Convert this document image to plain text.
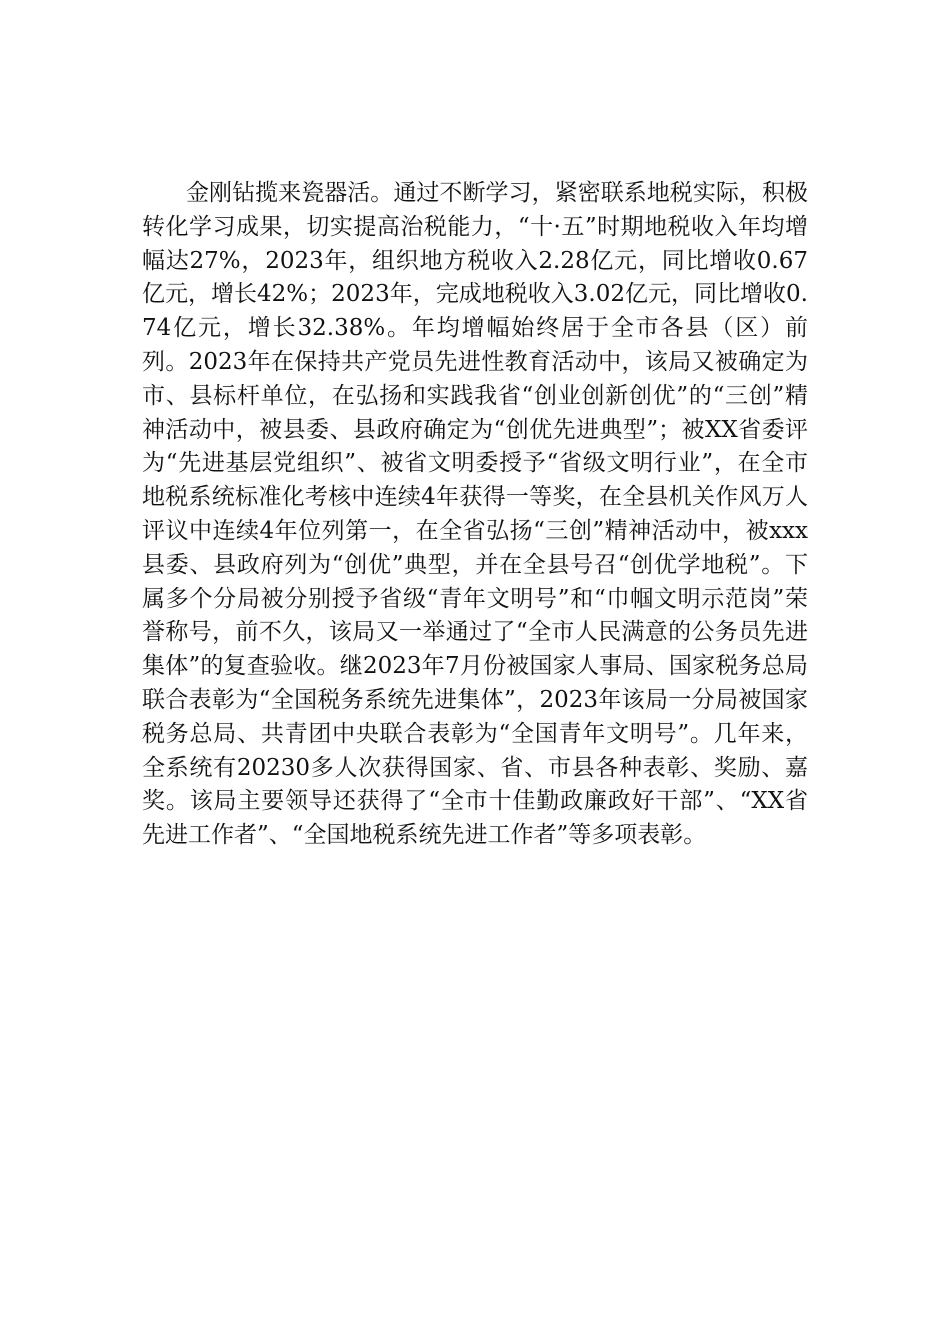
金刚钻揽来瓷器活。通过不断学习，紧密联系地税实际，积极转化学习成果，切实提高治税能力，“十·五”时期地税收入年均增幅达27%，2023年，组织地方税收入2.28亿元，同比增收0.67亿元，增长42%；2023年，完成地税收入3.02亿元，同比增收0.74亿元，增长32.38%。年均增幅始终居于全市各县（区）前列。2023年在保持共产党员先进性教育活动中，该局又被确定为市、县标杆单位，在弘扬和实践我省“创业创新创优”的“三创”精神活动中，被县委、县政府确定为“创优先进典型”；被XX省委评为“先进基层党组织”、被省文明委授予“省级文明行业”，在全市地税系统标准化考核中连续4年获得一等奖，在全县机关作风万人评议中连续4年位列第一，在全省弘扬“三创”精神活动中，被xxx县委、县政府列为“创优”典型，并在全县号召“创优学地税”。下属多个分局被分别授予省级“青年文明号”和“巾帼文明示范岗”荣誉称号，前不久，该局又一举通过了“全市人民满意的公务员先进集体”的复查验收。继2023年7月份被国家人事局、国家税务总局联合表彰为“全国税务系统先进集体”，2023年该局一分局被国家税务总局、共青团中央联合表彰为“全国青年文明号”。几年来，全系统有20230多人次获得国家、省、市县各种表彰、奖励、嘉奖。该局主要领导还获得了“全市十佳勤政廉政好干部”、“XX省先进工作者”、“全国地税系统先进工作者”等多项表彰。
